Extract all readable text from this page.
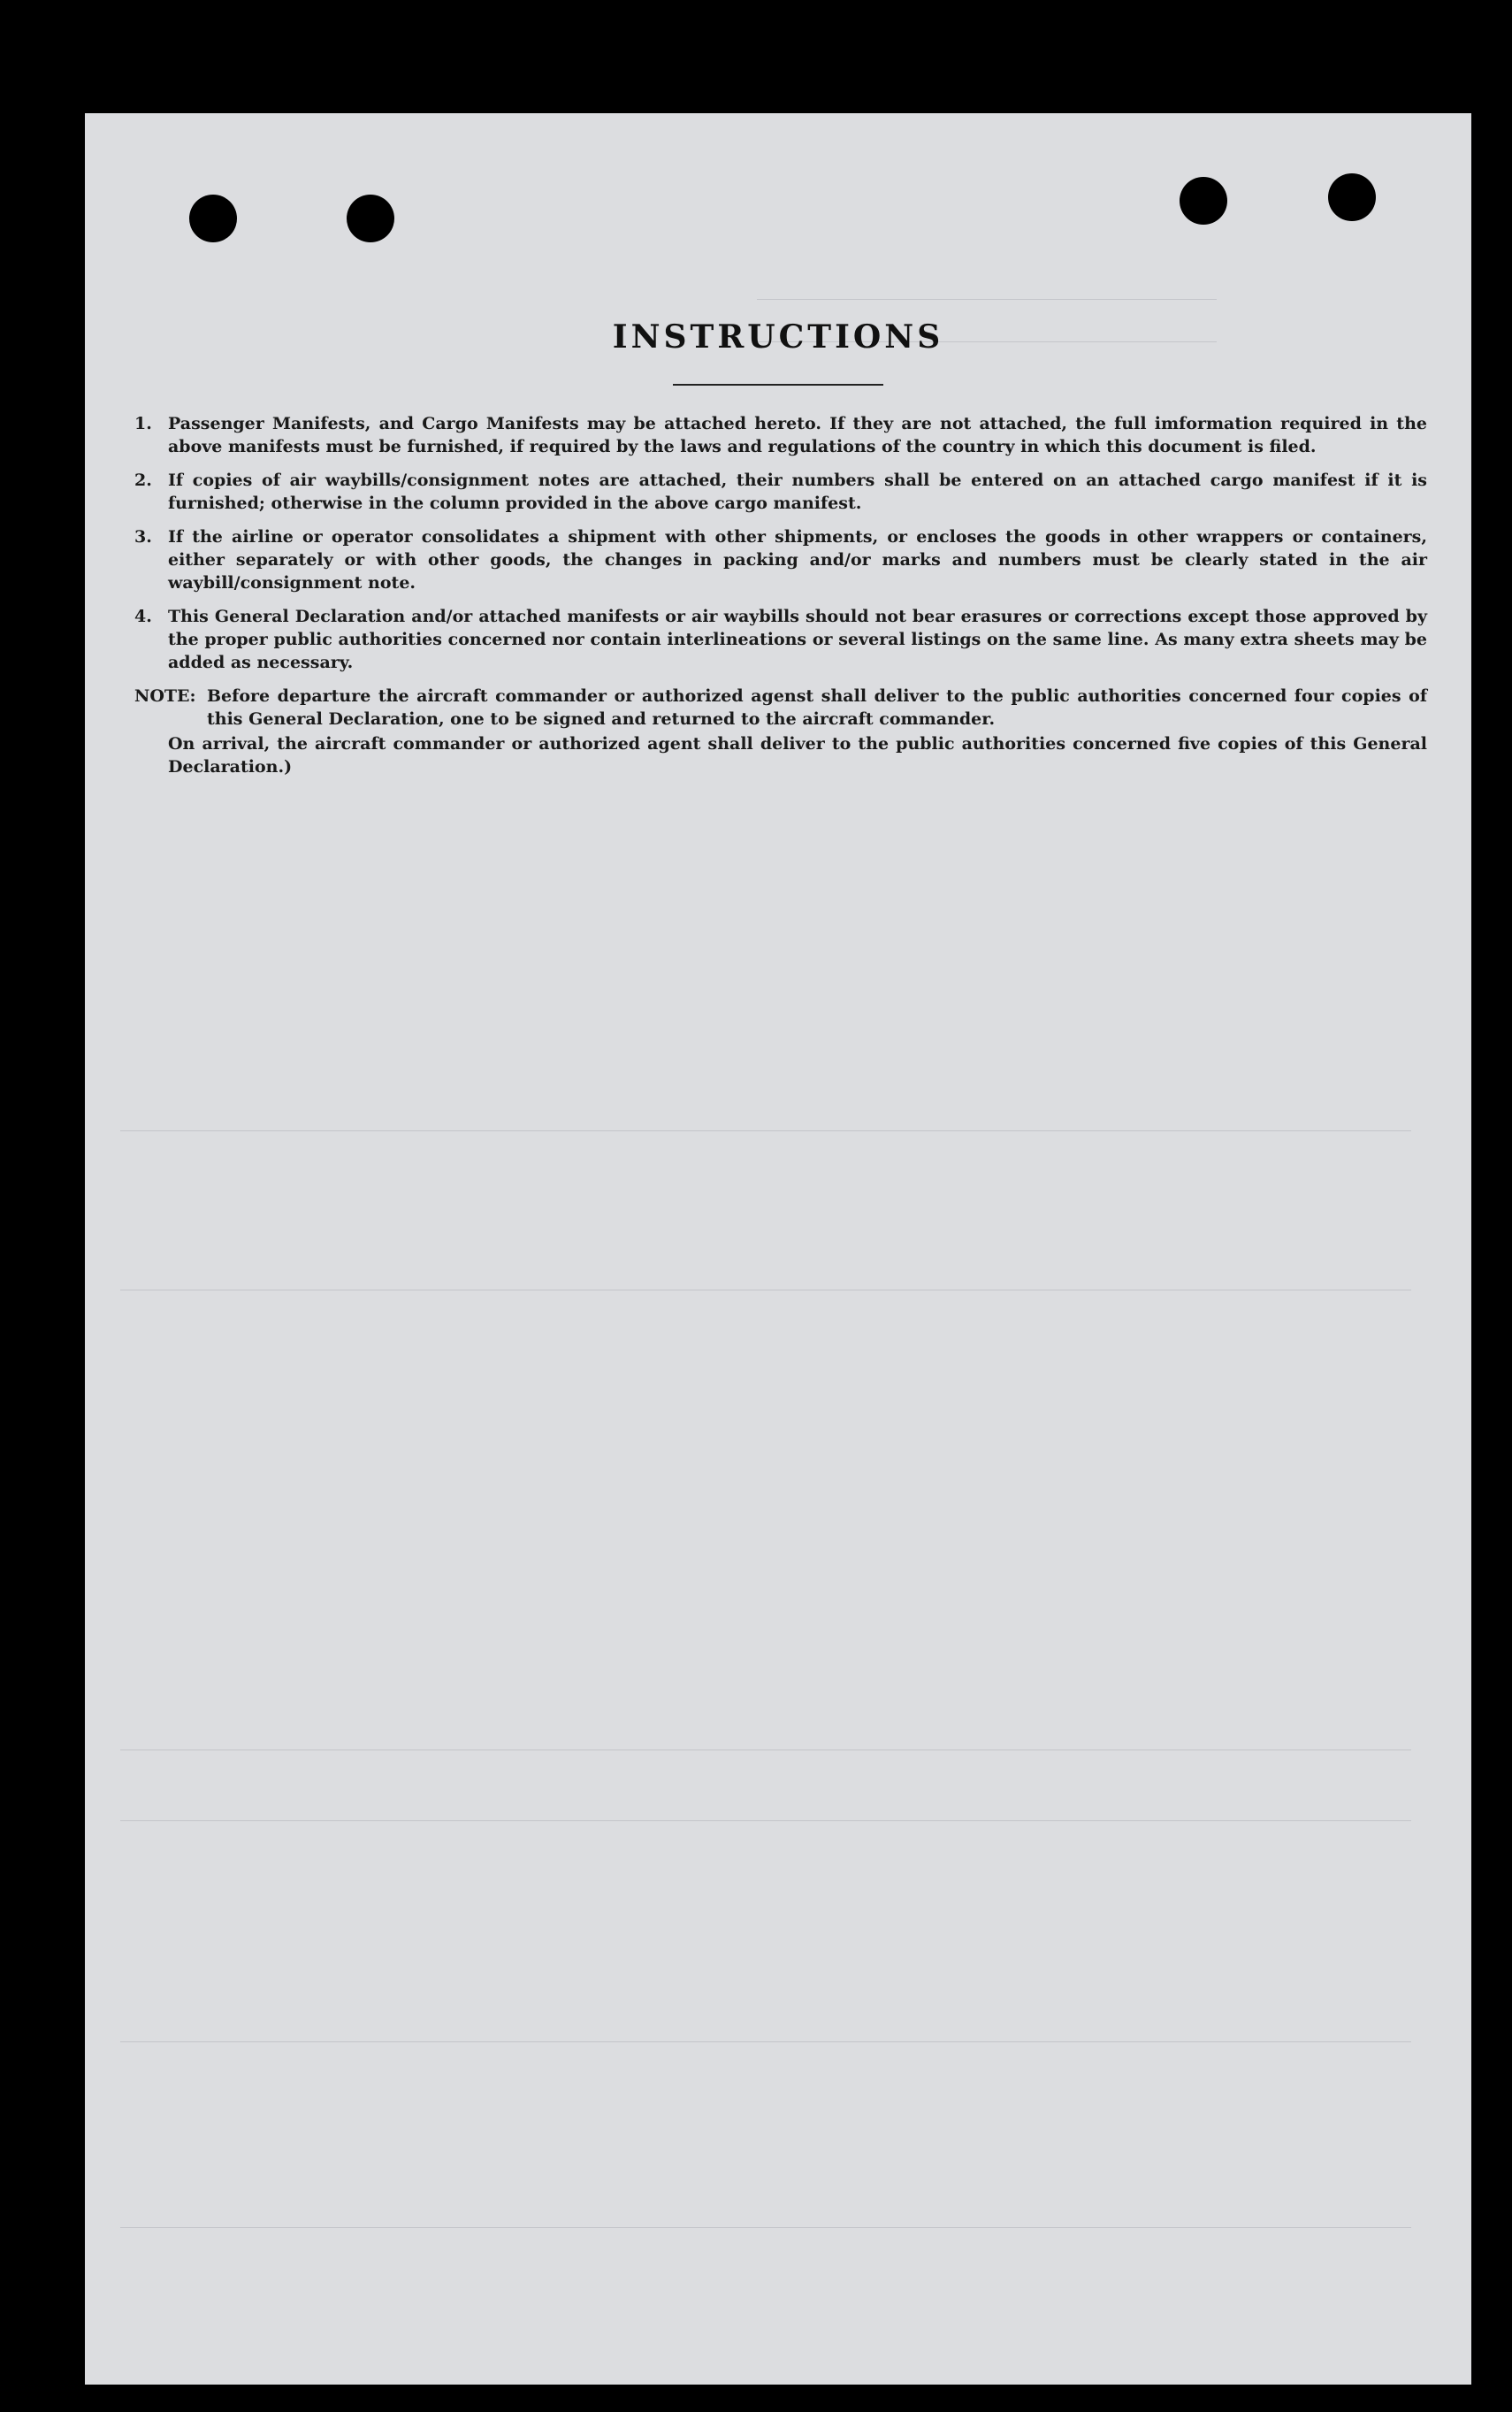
INSTRUCTIONS
1. Passenger Manifests, and Cargo Manifests may be attached hereto. If they are not attached, the full imformation required in the above manifests must be furnished, if required by the laws and regulations of the country in which this document is filed.
2. If copies of air waybills/consignment notes are attached, their numbers shall be entered on an attached cargo manifest if it is furnished; otherwise in the column provided in the above cargo manifest.
3. If the airline or operator consolidates a shipment with other shipments, or encloses the goods in other wrappers or containers, either separately or with other goods, the changes in packing and/or marks and numbers must be clearly stated in the air waybill/consignment note.
4. This General Declaration and/or attached manifests or air waybills should not bear erasures or corrections except those approved by the proper public authorities concerned nor contain interlineations or several listings on the same line. As many extra sheets may be added as necessary.
NOTE: Before departure the aircraft commander or authorized agenst shall deliver to the public authorities concerned four copies of this General Declaration, one to be signed and returned to the aircraft commander.
On arrival, the aircraft commander or authorized agent shall deliver to the public authorities concerned five copies of this General Declaration.)
